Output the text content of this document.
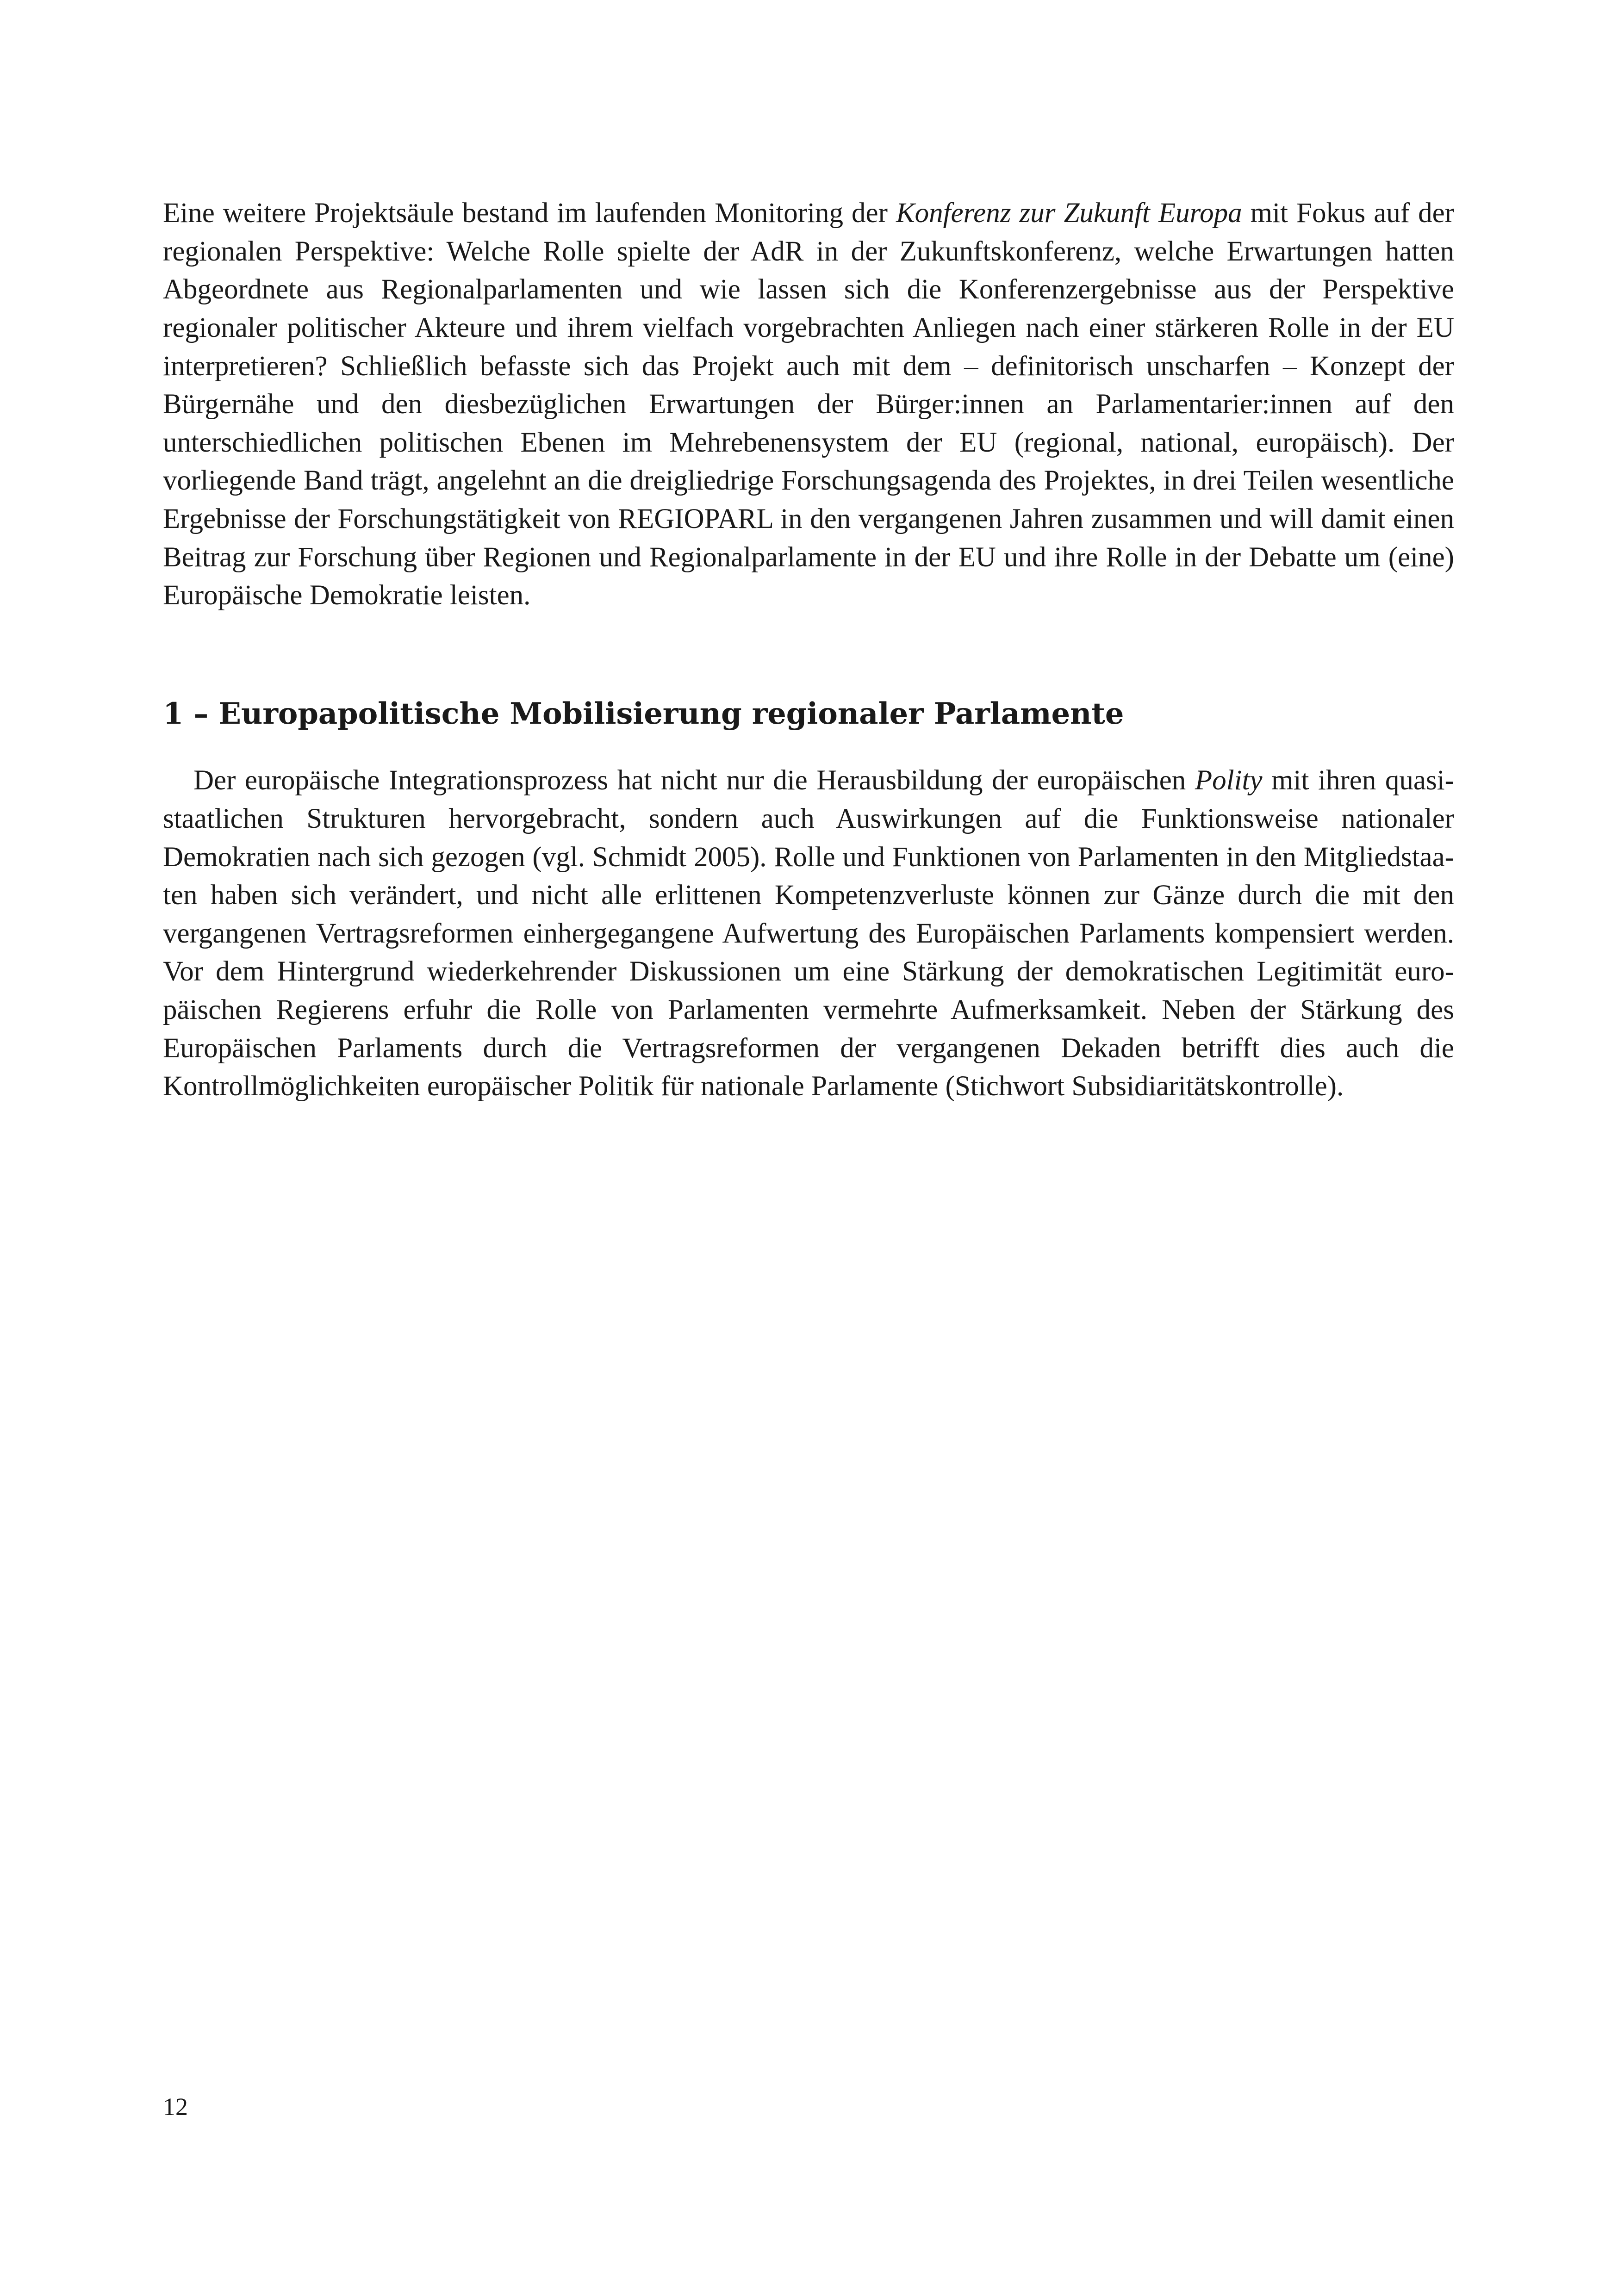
Eine weitere Projektsäule bestand im laufenden Monitoring der Konferenz zur Zukunft Europa mit Fokus auf der regionalen Perspektive: Welche Rolle spielte der AdR in der Zukunftskonferenz, welche Erwartungen hatten Abgeordnete aus Regionalparlamenten und wie lassen sich die Konferenzergebnisse aus der Perspektive regionaler politischer Akteure und ihrem vielfach vorgebrachten Anliegen nach einer stärkeren Rolle in der EU interpretieren? Schließlich befasste sich das Projekt auch mit dem – definitorisch unscharfen – Konzept der Bürgernähe und den diesbezüglichen Erwartungen der Bürger:innen an Parlamentarier:innen auf den unterschiedlichen politischen Ebenen im Mehrebenensystem der EU (regional, national, europäisch). Der vorliegende Band trägt, angelehnt an die dreigliedrige Forschungsagenda des Projektes, in drei Teilen wesentliche Ergebnisse der Forschungstätigkeit von REGIOPARL in den vergangenen Jahren zusammen und will damit einen Beitrag zur Forschung über Regionen und Regionalparlamente in der EU und ihre Rolle in der Debatte um (eine) Europäische Demokratie leisten.

1 – Europapolitische Mobilisierung regionaler Parlamente

Der europäische Integrationsprozess hat nicht nur die Herausbildung der europäischen Polity mit ihren quasi-staatlichen Strukturen hervorgebracht, sondern auch Auswirkungen auf die Funktionsweise nationaler Demokratien nach sich gezogen (vgl. Schmidt 2005). Rolle und Funktionen von Parlamenten in den Mitgliedstaaten haben sich verändert, und nicht alle erlittenen Kompetenzverluste können zur Gänze durch die mit den vergangenen Vertragsreformen einhergegangene Aufwertung des Europäischen Parlaments kompensiert werden. Vor dem Hintergrund wiederkehrender Diskussionen um eine Stärkung der demokratischen Legitimität europäischen Regierens erfuhr die Rolle von Parlamenten vermehrte Aufmerksamkeit. Neben der Stärkung des Europäischen Parlaments durch die Vertragsreformen der vergangenen Dekaden betrifft dies auch die Kontrollmöglichkeiten europäischer Politik für nationale Parlamente (Stichwort Subsidiaritätskontrolle).

12
